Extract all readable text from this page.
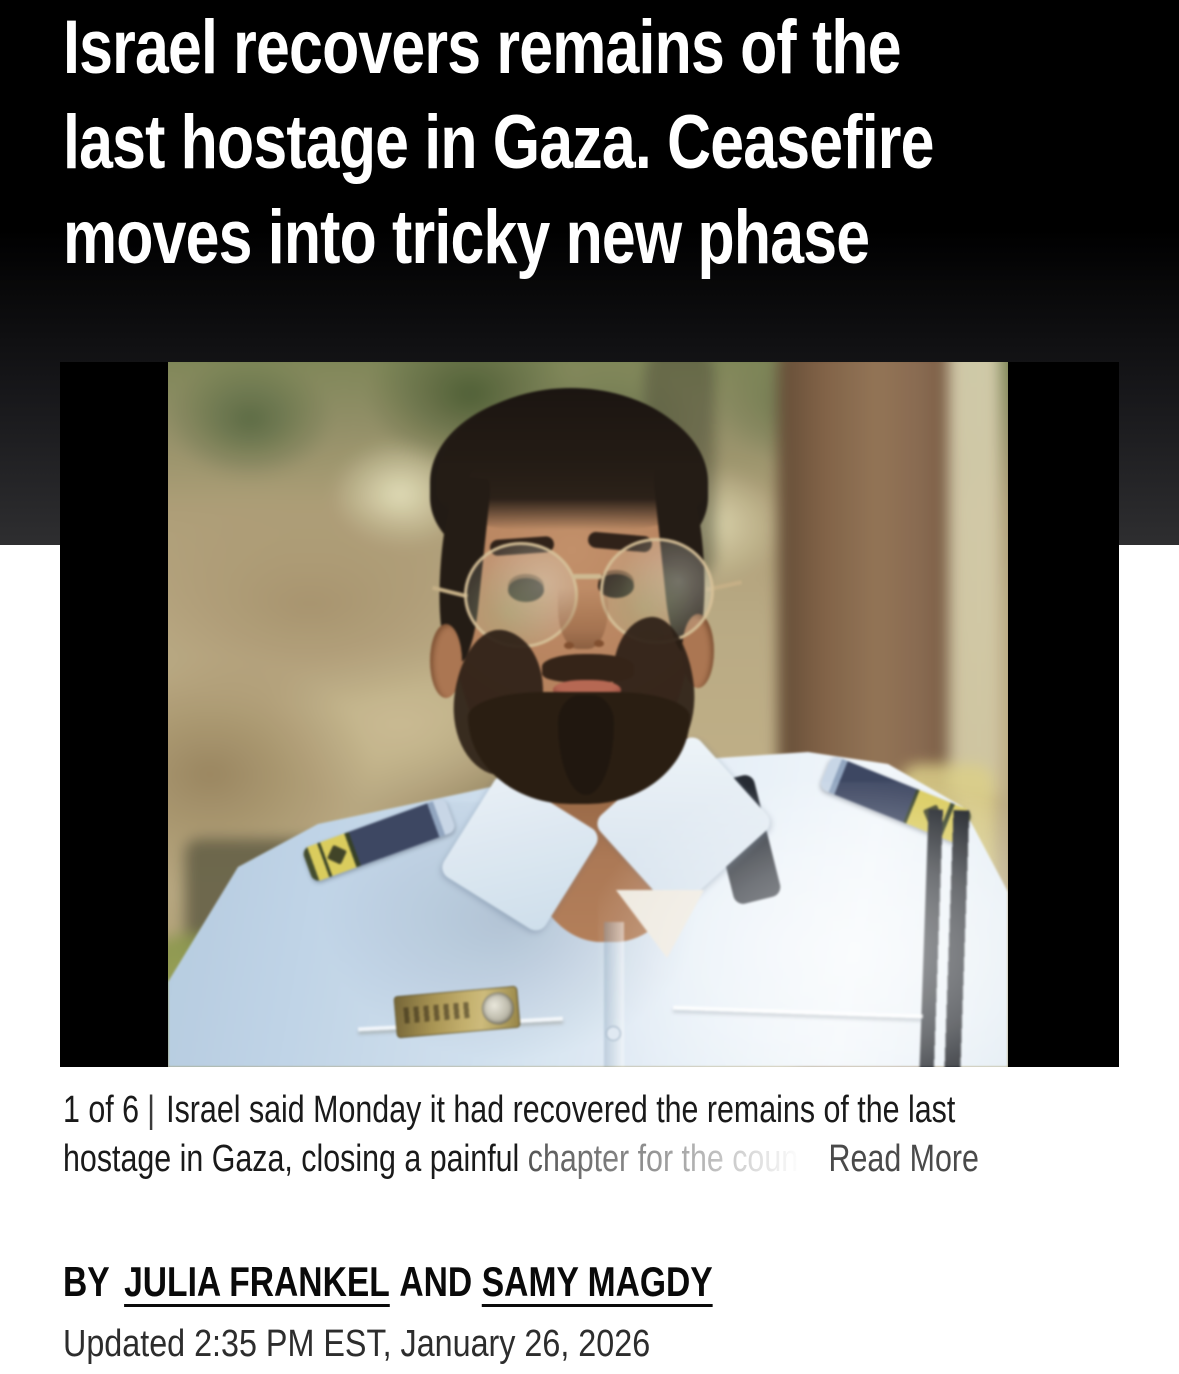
Israel recovers remains of the
last hostage in Gaza. Ceasefire
moves into tricky new phase
1 of 6 | Israel said Monday it had recovered the remains of the last
hostage in Gaza, closing a painful chapter for the coun Read More
BY JULIA FRANKEL AND SAMY MAGDY
Updated 2:35 PM EST, January 26, 2026
